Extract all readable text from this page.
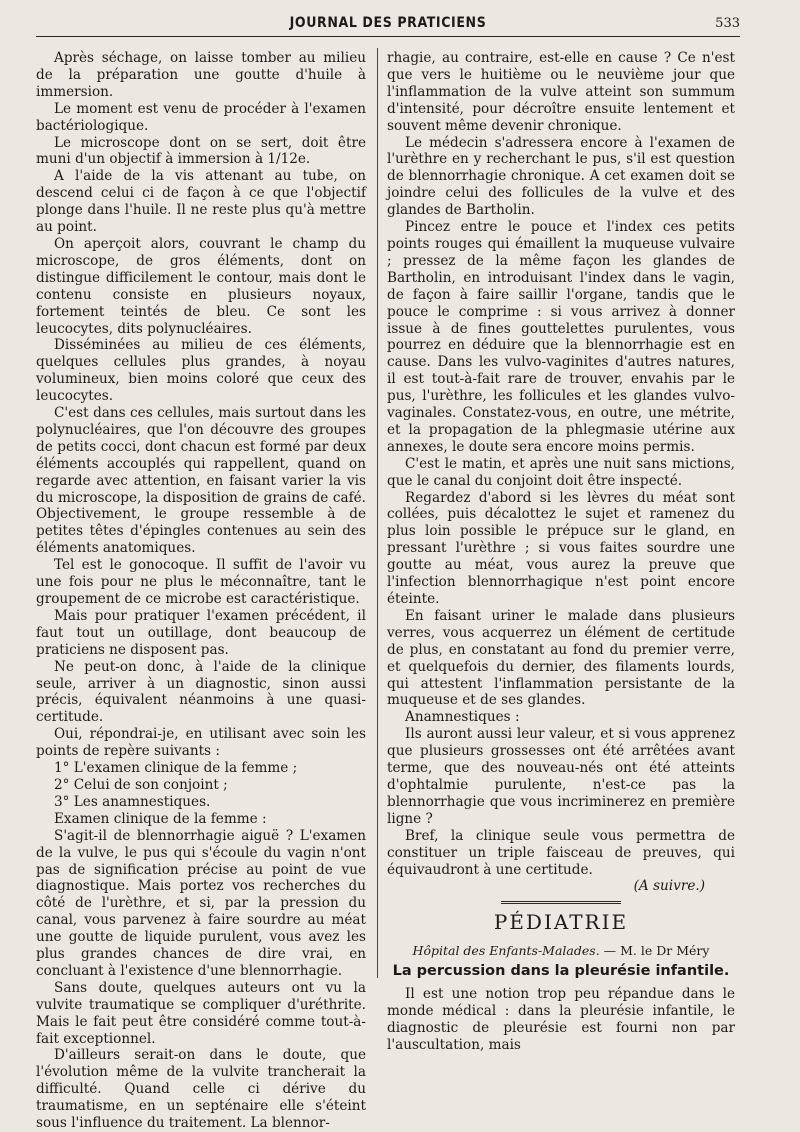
JOURNAL DES PRATICIENS	533

Après séchage, on laisse tomber au milieu de la préparation une goutte d'huile à immersion.

Le moment est venu de procéder à l'examen bactériologique.

Le microscope dont on se sert, doit être muni d'un objectif à immersion à 1/12e.

A l'aide de la vis attenant au tube, on descend celui ci de façon à ce que l'objectif plonge dans l'huile. Il ne reste plus qu'à mettre au point.

On aperçoit alors, couvrant le champ du microscope, de gros éléments, dont on distingue difficilement le contour, mais dont le contenu consiste en plusieurs noyaux, fortement teintés de bleu. Ce sont les leucocytes, dits polynucléaires.

Disséminées au milieu de ces éléments, quelques cellules plus grandes, à noyau volumineux, bien moins coloré que ceux des leucocytes.

C'est dans ces cellules, mais surtout dans les polynucléaires, que l'on découvre des groupes de petits cocci, dont chacun est formé par deux éléments accouplés qui rappellent, quand on regarde avec attention, en faisant varier la vis du microscope, la disposition de grains de café. Objectivement, le groupe ressemble à de petites têtes d'épingles contenues au sein des éléments anatomiques.

Tel est le gonocoque. Il suffit de l'avoir vu une fois pour ne plus le méconnaître, tant le groupement de ce microbe est caractéristique.

Mais pour pratiquer l'examen précédent, il faut tout un outillage, dont beaucoup de praticiens ne disposent pas.

Ne peut-on donc, à l'aide de la clinique seule, arriver à un diagnostic, sinon aussi précis, équivalent néanmoins à une quasi-certitude.

Oui, répondrai-je, en utilisant avec soin les points de repère suivants :

1° L'examen clinique de la femme ;

2° Celui de son conjoint ;

3° Les anamnestiques.

Examen clinique de la femme :

S'agit-il de blennorrhagie aiguë ? L'examen de la vulve, le pus qui s'écoule du vagin n'ont pas de signification précise au point de vue diagnostique. Mais portez vos recherches du côté de l'urèthre, et si, par la pression du canal, vous parvenez à faire sourdre au méat une goutte de liquide purulent, vous avez les plus grandes chances de dire vrai, en concluant à l'existence d'une blennorrhagie.

Sans doute, quelques auteurs ont vu la vulvite traumatique se compliquer d'uréthrite. Mais le fait peut être considéré comme tout-à-fait exceptionnel.

D'ailleurs serait-on dans le doute, que l'évolution même de la vulvite trancherait la difficulté. Quand celle ci dérive du traumatisme, en un septénaire elle s'éteint sous l'influence du traitement. La blennor-

rhagie, au contraire, est-elle en cause ? Ce n'est que vers le huitième ou le neuvième jour que l'inflammation de la vulve atteint son summum d'intensité, pour décroître ensuite lentement et souvent même devenir chronique.

Le médecin s'adressera encore à l'examen de l'urèthre en y recherchant le pus, s'il est question de blennorrhagie chronique. A cet examen doit se joindre celui des follicules de la vulve et des glandes de Bartholin.

Pincez entre le pouce et l'index ces petits points rouges qui émaillent la muqueuse vulvaire ; pressez de la même façon les glandes de Bartholin, en introduisant l'index dans le vagin, de façon à faire saillir l'organe, tandis que le pouce le comprime : si vous arrivez à donner issue à de fines gouttelettes purulentes, vous pourrez en déduire que la blennorrhagie est en cause. Dans les vulvo-vaginites d'autres natures, il est tout-à-fait rare de trouver, envahis par le pus, l'urèthre, les follicules et les glandes vulvo-vaginales. Constatez-vous, en outre, une métrite, et la propagation de la phlegmasie utérine aux annexes, le doute sera encore moins permis.

C'est le matin, et après une nuit sans mictions, que le canal du conjoint doit être inspecté.

Regardez d'abord si les lèvres du méat sont collées, puis décalottez le sujet et ramenez du plus loin possible le prépuce sur le gland, en pressant l'urèthre ; si vous faites sourdre une goutte au méat, vous aurez la preuve que l'infection blennorrhagique n'est point encore éteinte.

En faisant uriner le malade dans plusieurs verres, vous acquerrez un élément de certitude de plus, en constatant au fond du premier verre, et quelquefois du dernier, des filaments lourds, qui attestent l'inflammation persistante de la muqueuse et de ses glandes.

Anamnestiques :

Ils auront aussi leur valeur, et si vous apprenez que plusieurs grossesses ont été arrêtées avant terme, que des nouveau-nés ont été atteints d'ophtalmie purulente, n'est-ce pas la blennorrhagie que vous incriminerez en première ligne ?

Bref, la clinique seule vous permettra de constituer un triple faisceau de preuves, qui équivaudront à une certitude.

(A suivre.)
PÉDIATRIE
Hôpital des Enfants-Malades. — M. le Dr Méry
La percussion dans la pleurésie infantile.

Il est une notion trop peu répandue dans le monde médical : dans la pleurésie infantile, le diagnostic de pleurésie est fourni non par l'auscultation, mais
